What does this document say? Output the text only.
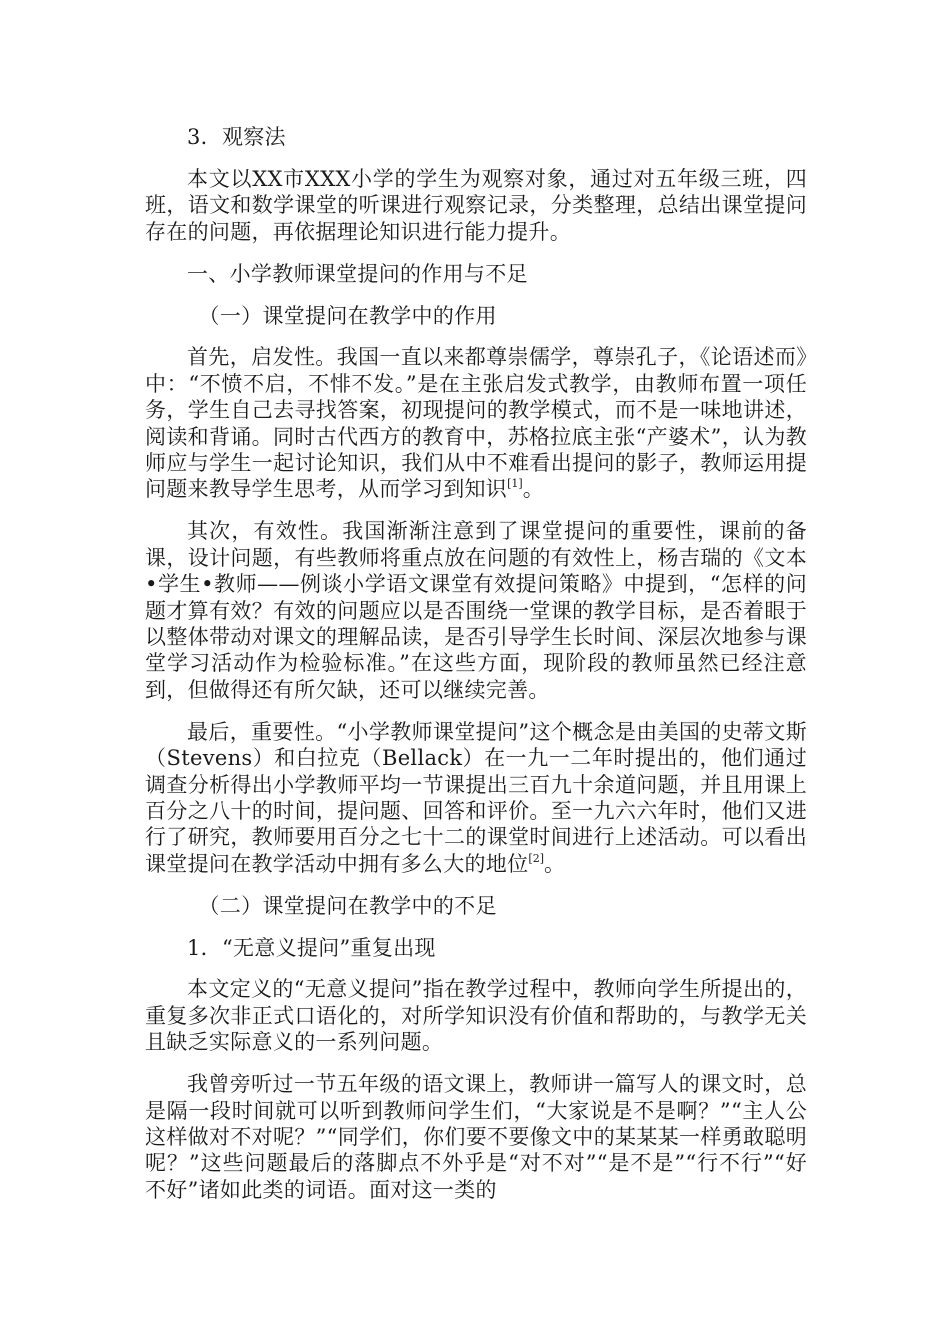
3．观察法

本文以XX市XXX小学的学生为观察对象，通过对五年级三班，四班，语文和数学课堂的听课进行观察记录，分类整理，总结出课堂提问存在的问题，再依据理论知识进行能力提升。

一、小学教师课堂提问的作用与不足

（一）课堂提问在教学中的作用

首先，启发性。我国一直以来都尊崇儒学，尊崇孔子，《论语述而》中：“不愤不启，不悱不发。”是在主张启发式教学，由教师布置一项任务，学生自己去寻找答案，初现提问的教学模式，而不是一味地讲述，阅读和背诵。同时古代西方的教育中，苏格拉底主张“产婆术”，认为教师应与学生一起讨论知识，我们从中不难看出提问的影子，教师运用提问题来教导学生思考，从而学习到知识[1]。

其次，有效性。我国渐渐注意到了课堂提问的重要性，课前的备课，设计问题，有些教师将重点放在问题的有效性上，杨吉瑞的《文本•学生•教师——例谈小学语文课堂有效提问策略》中提到，“怎样的问题才算有效？有效的问题应以是否围绕一堂课的教学目标，是否着眼于以整体带动对课文的理解品读，是否引导学生长时间、深层次地参与课堂学习活动作为检验标准。”在这些方面，现阶段的教师虽然已经注意到，但做得还有所欠缺，还可以继续完善。

最后，重要性。“小学教师课堂提问”这个概念是由美国的史蒂文斯（Stevens）和白拉克（Bellack）在一九一二年时提出的，他们通过调查分析得出小学教师平均一节课提出三百九十余道问题，并且用课上百分之八十的时间，提问题、回答和评价。至一九六六年时，他们又进行了研究，教师要用百分之七十二的课堂时间进行上述活动。可以看出课堂提问在教学活动中拥有多么大的地位[2]。

（二）课堂提问在教学中的不足

1．“无意义提问”重复出现

本文定义的“无意义提问”指在教学过程中，教师向学生所提出的，重复多次非正式口语化的，对所学知识没有价值和帮助的，与教学无关且缺乏实际意义的一系列问题。

我曾旁听过一节五年级的语文课上，教师讲一篇写人的课文时，总是隔一段时间就可以听到教师问学生们，“大家说是不是啊？”“主人公这样做对不对呢？”“同学们，你们要不要像文中的某某某一样勇敢聪明呢？”这些问题最后的落脚点不外乎是“对不对”“是不是”“行不行”“好不好”诸如此类的词语。面对这一类的
